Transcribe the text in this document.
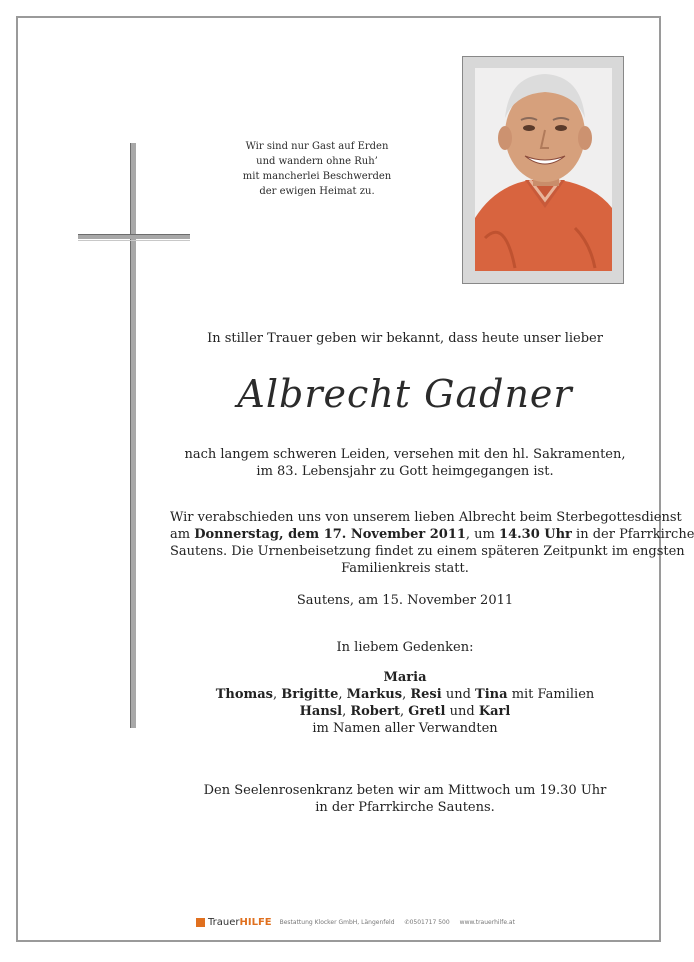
Wir sind nur Gast auf Erden
und wandern ohne Ruh’
mit mancherlei Beschwerden
der ewigen Heimat zu.
In stiller Trauer geben wir bekannt, dass heute unser lieber
Albrecht Gadner
nach langem schweren Leiden, versehen mit den hl. Sakramenten,
im 83. Lebensjahr zu Gott heimgegangen ist.
Wir verabschieden uns von unserem lieben Albrecht beim Sterbegottesdienst
am Donnerstag, dem 17. November 2011, um 14.30 Uhr in der Pfarrkirche
Sautens. Die Urnenbeisetzung findet zu einem späteren Zeitpunkt im engsten
Familienkreis statt.
Sautens, am 15. November 2011
In liebem Gedenken:
Maria
Thomas, Brigitte, Markus, Resi und Tina mit Familien
Hansl, Robert, Gretl und Karl
im Namen aller Verwandten
Den Seelenrosenkranz beten wir am Mittwoch um 19.30 Uhr
in der Pfarrkirche Sautens.
TrauerHILFE Bestattung Klocker GmbH, Längenfeld ✆0501717 500 www.trauerhilfe.at
